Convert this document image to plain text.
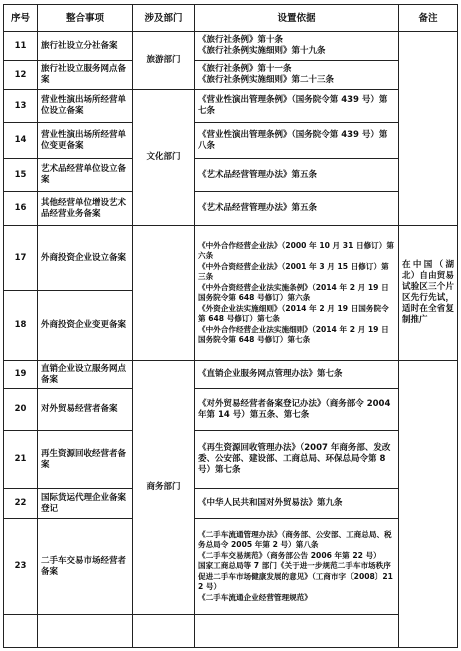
序号	整合事项	涉及部门	设置依据	备注
11	旅行社设立分社备案	旅游部门	《旅行社条例》第十条
《旅行社条例实施细则》第十九条	

12	旅行社设立服务网点备案		《旅行社条例》第十一条
《旅行社条例实施细则》第二十三条	

13	营业性演出场所经营单位设立备案	文化部门	《营业性演出管理条例》（国务院令第 439 号）第七条	

14	营业性演出场所经营单位变更备案		《营业性演出管理条例》（国务院令第 439 号）第八条	

15	艺术品经营单位设立备案		《艺术品经营管理办法》第五条	

16	其他经营单位增设艺术品经营业务备案		《艺术品经营管理办法》第五条	

17	外商投资企业设立备案		《中外合作经营企业法》（2000 年 10 月 31 日修订）第六条
《中外合资经营企业法》（2001 年 3 月 15 日修订）第三条
《中外合资经营企业法实施条例》（2014 年 2 月 19 日国务院令第 648 号修订）第六条
《外资企业法实施细则》（2014 年 2 月 19 日国务院令第 648 号修订）第七条
《中外合作经营企业法实施细则》（2014 年 2 月 19 日国务院令第 648 号修订）第七条	在中国（湖北）自由贸易试验区三个片区先行先试，适时在全省复制推广
18	外商投资企业变更备案			
19	直销企业设立服务网点备案	商务部门	《直销企业服务网点管理办法》第七条	

20	对外贸易经营者备案		《对外贸易经营者备案登记办法》（商务部令 2004 年第 14 号）第五条、第七条	

21	再生资源回收经营者备案		《再生资源回收管理办法》（2007 年商务部、发改委、公安部、建设部、工商总局、环保总局令第 8 号）第七条	

22	国际货运代理企业备案登记		《中华人民共和国对外贸易法》第九条	

23	二手车交易市场经营者备案		《二手车流通管理办法》（商务部、公安部、工商总局、税务总局令 2005 年第 2 号）第八条
《二手车交易规范》（商务部公告 2006 年第 22 号）
国家工商总局等 7 部门《关于进一步规范二手车市场秩序促进二手车市场健康发展的意见》（工商市字〔2008〕212 号）
《二手车流通企业经营管理规范》	
